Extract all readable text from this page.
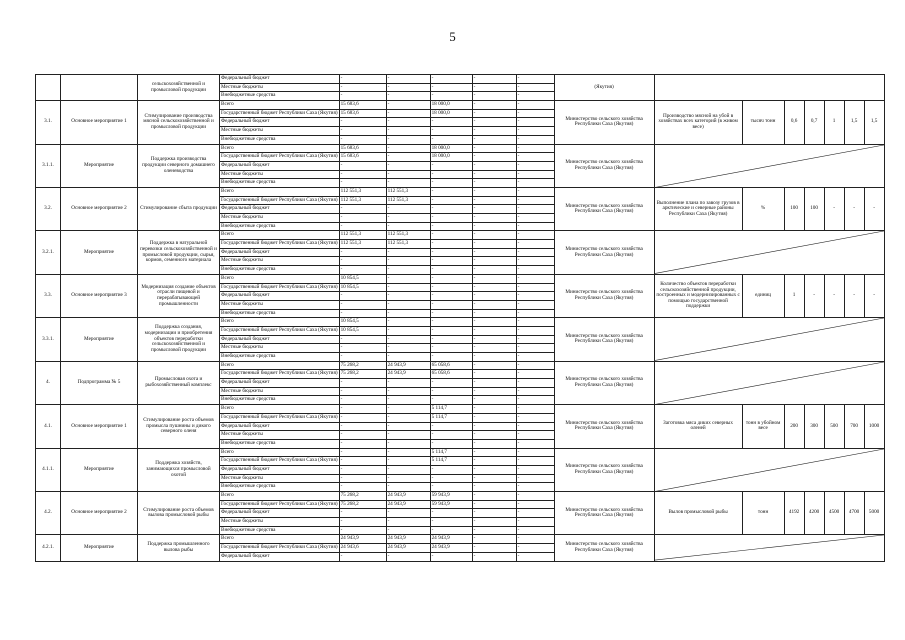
5
		сельскохозяйственной и промысловой продукции	Федеральный бюджет	-	-	-	-	-	(Якутия)							
			Местные бюджеты	-	-	-	-	-								
			Внебюджетные средства	-	-	-	-	-								
3.1.	Основное мероприятие 1	Стимулирование производства мясной сельскохозяйственной и промысловой продукции	Всего	15 683,6	-	18 000,0	-	-	Министерство сельского хозяйства Республики Саха (Якутия)	Производство мясной на убой в хозяйствах всех категорий (в живом весе)	тысяч тонн	0,6	0,7	1	1,5	1,5
			Государственный бюджет Республики Саха (Якутия)	15 683,6	-	18 000,0	-	-								
			Федеральный бюджет	-	-	-	-	-								
			Местные бюджеты	-	-	-	-	-								
			Внебюджетные средства	-	-	-	-	-								
3.1.1.	Мероприятие	Поддержка производства продукции северного домашнего оленеводства	Всего	15 683,6	-	18 000,0	-	-	Министерство сельского хозяйства Республики Саха (Якутия)	

			Государственный бюджет Республики Саха (Якутия)	15 683,6	-	18 000,0	-	-								
			Федеральный бюджет	-	-	-	-	-								
			Местные бюджеты	-	-	-	-	-								
			Внебюджетные средства	-	-	-	-	-								
3.2.	Основное мероприятие 2	Стимулирование сбыта продукции	Всего	112 551,3	112 551,3	-	-	-	Министерство сельского хозяйства Республики Саха (Якутия)	Выполнение плана по завозу грузов в арктические и северные районы Республики Саха (Якутия)	%	100	100	-	-	-
			Государственный бюджет Республики Саха (Якутия)	112 551,3	112 551,3	-	-	-								
			Федеральный бюджет	-	-	-	-	-								
			Местные бюджеты	-	-	-	-	-								
			Внебюджетные средства	-	-	-	-	-								
3.2.1.	Мероприятие	Поддержка в натуральной перевозки сельскохозяйственной и промысловой продукции, сырья, кормов, семенного материала	Всего	112 551,3	112 551,3	-	-	-	Министерство сельского хозяйства Республики Саха (Якутия)	

			Государственный бюджет Республики Саха (Якутия)	112 551,3	112 551,3	-	-	-								
			Федеральный бюджет	-	-	-	-	-								
			Местные бюджеты	-	-	-	-	-								
			Внебюджетные средства	-	-	-	-	-								
3.3.	Основное мероприятие 3	Модернизация создание объектов отрасли пищевой и перерабатывающей промышленности	Всего	10 854,5	-	-	-	-	Министерство сельского хозяйства Республики Саха (Якутия)	Количество объектов переработки сельскохозяйственной продукции, построенных и модернизированных с помощью государственной поддержки	единиц	1	-	-	-	-
			Государственный бюджет Республики Саха (Якутия)	10 854,5	-	-	-	-								
			Федеральный бюджет	-	-	-	-	-								
			Местные бюджеты	-	-	-	-	-								
			Внебюджетные средства	-	-	-	-	-								
3.3.1.	Мероприятие	Поддержка создания, модернизации и приобретения объектов переработки сельскохозяйственной и промысловой продукции	Всего	10 854,5	-	-	-	-	Министерство сельского хозяйства Республики Саха (Якутия)	

			Государственный бюджет Республики Саха (Якутия)	10 854,5	-	-	-	-								
			Федеральный бюджет	-	-	-	-	-								
			Местные бюджеты	-	-	-	-	-								
			Внебюджетные средства	-	-	-	-	-								
4.	Подпрограмма № 5	Промысловая охота и рыбохозяйственный комплекс	Всего	75 268,2	24 943,9	65 058,6	-	-	Министерство сельского хозяйства Республики Саха (Якутия)	

			Государственный бюджет Республики Саха (Якутия)	75 268,2	24 943,9	65 058,6	-	-								
			Федеральный бюджет	-	-	-	-	-								
			Местные бюджеты	-	-	-	-	-								
			Внебюджетные средства	-	-	-	-	-								
4.1.	Основное мероприятие 1	Стимулирование роста объемов промысла пушнины и дикого северного оленя	Всего	-	-	5 114,7	-	-	Министерство сельского хозяйства Республики Саха (Якутия)	Заготовка мяса диких северных оленей	тонн в убойном весе	200	300	500	700	1000
			Государственный бюджет Республики Саха (Якутия)	-	-	5 114,7	-	-								
			Федеральный бюджет	-	-	-	-	-								
			Местные бюджеты	-	-	-	-	-								
			Внебюджетные средства	-	-	-	-	-								
4.1.1.	Мероприятие	Поддержка хозяйств, занимающихся промысловой охотой	Всего	-	-	5 114,7	-	-	Министерство сельского хозяйства Республики Саха (Якутия)	

			Государственный бюджет Республики Саха (Якутия)	-	-	5 114,7	-	-								
			Федеральный бюджет	-	-	-	-	-								
			Местные бюджеты	-	-	-	-	-								
			Внебюджетные средства	-	-	-	-	-								
4.2.	Основное мероприятие 2	Стимулирование роста объемов вылова промысловой рыбы	Всего	75 268,2	24 943,9	59 943,9	-	-	Министерство сельского хозяйства Республики Саха (Якутия)	Вылов промысловой рыбы	тонн	4192	4200	4500	4700	5000
			Государственный бюджет Республики Саха (Якутия)	75 268,2	24 943,9	59 943,9	-	-								
			Федеральный бюджет	-	-	-	-	-								
			Местные бюджеты	-	-	-	-	-								
			Внебюджетные средства	-	-	-	-	-								
4.2.1.	Мероприятие	Поддержка промышленного вылова рыбы	Всего	24 943,9	24 943,9	24 943,9	-	-	Министерство сельского хозяйства Республики Саха (Якутия)	

			Государственный бюджет Республики Саха (Якутия)	24 943,6	24 943,9	24 943,9	-	-								
			Федеральный бюджет	-	-	-	-	-								
